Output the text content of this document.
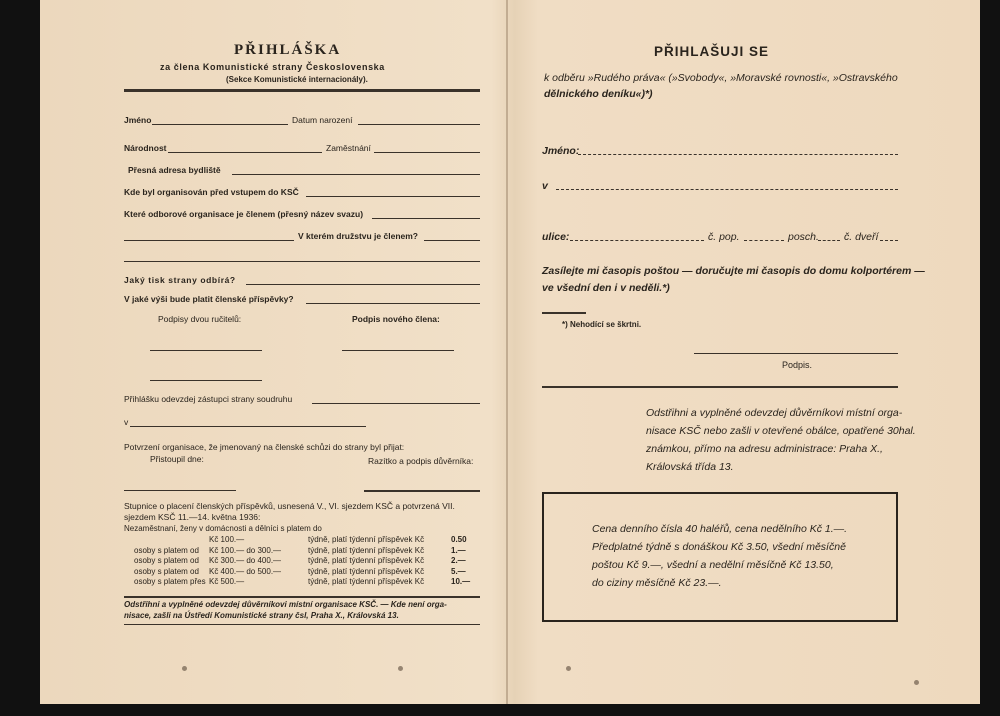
PŘIHLÁŠKA
za člena Komunistické strany Československa
(Sekce Komunistické internacionály).
Jméno	Datum narození
Národnost	Zaměstnání
Přesná adresa bydliště
Kde byl organisován před vstupem do KSČ
Které odborové organisace je členem (přesný název svazu)
V kterém družstvu je členem?
Jaký tisk strany odbírá?
V jaké výši bude platit členské příspěvky?
Podpisy dvou ručitelů:	Podpis nového člena:
Přihlášku odevzdej zástupci strany soudruhu
v
Potvrzení organisace, že jmenovaný na členské schůzi do strany byl přijat:
Přistoupil dne:	Razítko a podpis důvěrníka:
Stupnice o placení členských příspěvků, usnesená V., VI. sjezdem KSČ a potvrzená VII. sjezdem KSČ 11.—14. května 1936:
Nezaměstnaní, ženy v domácnosti a dělníci s platem do
	Kč 100.—	týdně, platí týdenní příspěvek Kč	0.50
osoby s platem od	Kč 100.— do 300.—	týdně, platí týdenní příspěvek Kč	1.—
osoby s platem od	Kč 300.— do 400.—	týdně, platí týdenní příspěvek Kč	2.—
osoby s platem od	Kč 400.— do 500.—	týdně, platí týdenní příspěvek Kč	5.—
osoby s platem přes	Kč 500.—	týdně, platí týdenní příspěvek Kč	10.—
Odstřihni a vyplněné odevzdej důvěrníkovi místní organisace KSČ. — Kde není orga-
nisace, zašli na Ústředí Komunistické strany čsl, Praha X., Královská 13.
PŘIHLAŠUJI SE
k odběru »Rudého práva« (»Svobody«, »Moravské rovnosti«, »Ostravského
dělnického deníku«)*)
Jméno:
v
ulice:	č. pop.	posch. č. dveří
Zasílejte mi časopis poštou — doručujte mi časopis do domu kolportérem —
ve všední den i v neděli.*)
*) Nehodící se škrtni.
Podpis.
Odstřihni a vyplněné odevzdej důvěrníkovi místní orga-
nisace KSČ nebo zašli v otevřené obálce, opatřené 30hal.
známkou, přímo na adresu administrace: Praha X.,
Královská třída 13.
Cena denního čísla 40 haléřů, cena nedělního Kč 1.—.
Předplatné týdně s donáškou Kč 3.50, všední měsíčně
poštou Kč 9.—, všední a nedělní měsíčně Kč 13.50,
do ciziny měsíčně Kč 23.—.
